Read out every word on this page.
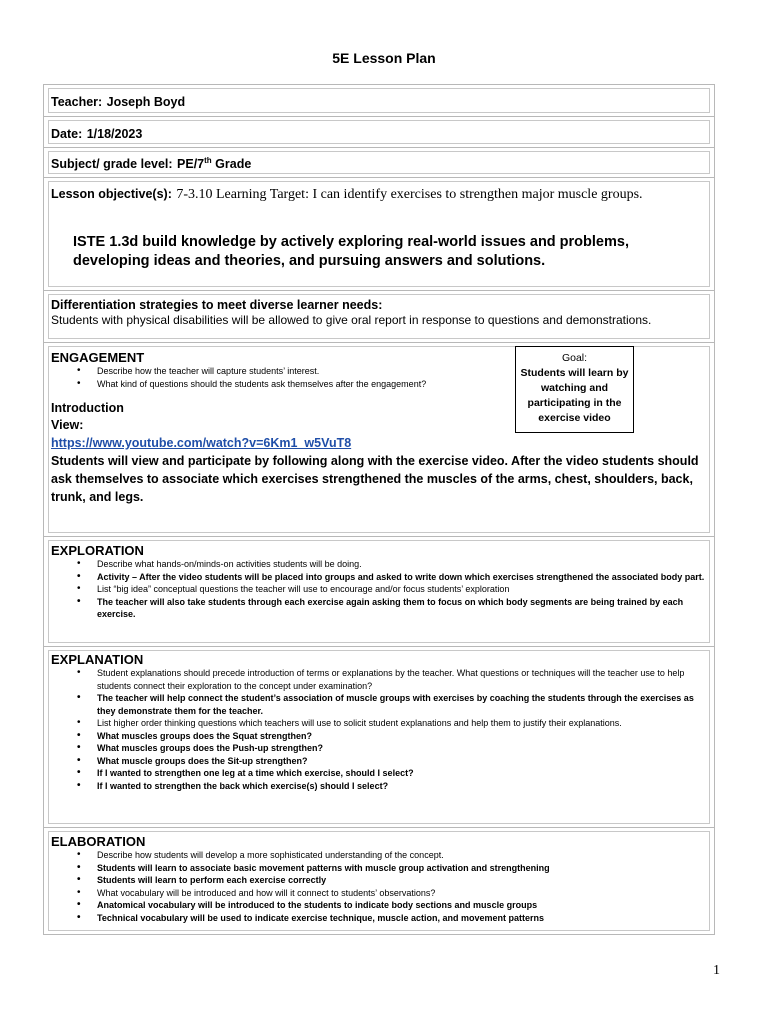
5E Lesson Plan
Teacher: Joseph Boyd
Date: 1/18/2023
Subject/ grade level: PE/7th Grade
Lesson objective(s): 7-3.10 Learning Target: I can identify exercises to strengthen major muscle groups.
ISTE 1.3d build knowledge by actively exploring real-world issues and problems, developing ideas and theories, and pursuing answers and solutions.
Differentiation strategies to meet diverse learner needs:
Students with physical disabilities will be allowed to give oral report in response to questions and demonstrations.
ENGAGEMENT
• Describe how the teacher will capture students’ interest.
• What kind of questions should the students ask themselves after the engagement?
Introduction
View:
https://www.youtube.com/watch?v=6Km1_w5VuT8
Students will view and participate by following along with the exercise video. After the video students should ask themselves to associate which exercises strengthened the muscles of the arms, chest, shoulders, back, trunk, and legs.
Goal:
Students will learn by watching and participating in the exercise video
EXPLORATION
• Describe what hands-on/minds-on activities students will be doing.
• Activity – After the video students will be placed into groups and asked to write down which exercises strengthened the associated body part.
• List “big idea” conceptual questions the teacher will use to encourage and/or focus students’ exploration
• The teacher will also take students through each exercise again asking them to focus on which body segments are being trained by each exercise.
EXPLANATION
• Student explanations should precede introduction of terms or explanations by the teacher. What questions or techniques will the teacher use to help students connect their exploration to the concept under examination?
• The teacher will help connect the student’s association of muscle groups with exercises by coaching the students through the exercises as they demonstrate them for the teacher.
• List higher order thinking questions which teachers will use to solicit student explanations and help them to justify their explanations.
• What muscles groups does the Squat strengthen?
• What muscles groups does the Push-up strengthen?
• What muscle groups does the Sit-up strengthen?
• If I wanted to strengthen one leg at a time which exercise, should I select?
• If I wanted to strengthen the back which exercise(s) should I select?
ELABORATION
• Describe how students will develop a more sophisticated understanding of the concept.
• Students will learn to associate basic movement patterns with muscle group activation and strengthening
• Students will learn to perform each exercise correctly
• What vocabulary will be introduced and how will it connect to students’ observations?
• Anatomical vocabulary will be introduced to the students to indicate body sections and muscle groups
• Technical vocabulary will be used to indicate exercise technique, muscle action, and movement patterns
1
